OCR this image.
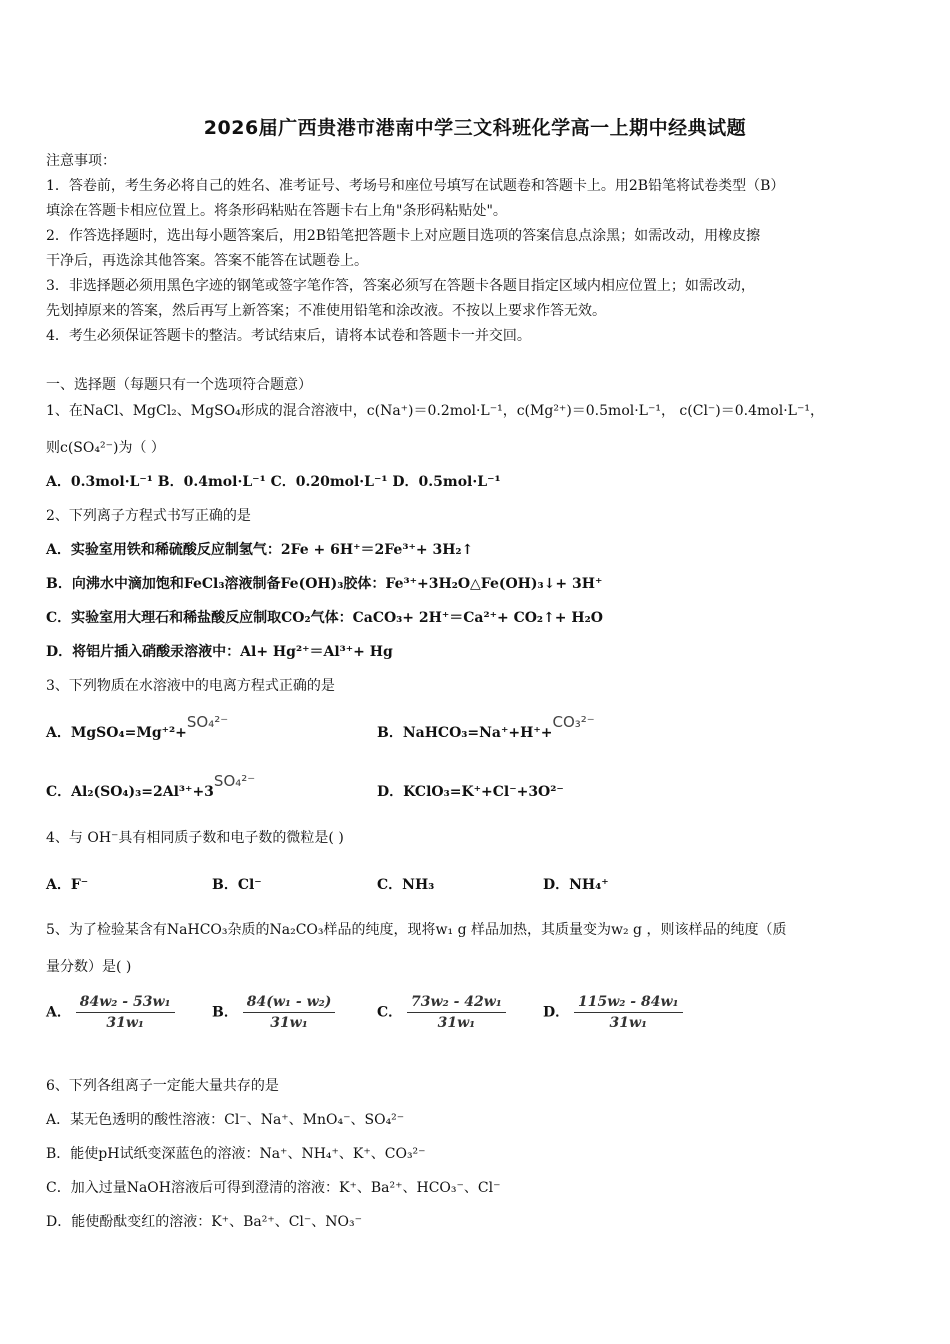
2026届广西贵港市港南中学三文科班化学高一上期中经典试题
注意事项：
1．答卷前，考生务必将自己的姓名、准考证号、考场号和座位号填写在试题卷和答题卡上。用2B铅笔将试卷类型（B）
填涂在答题卡相应位置上。将条形码粘贴在答题卡右上角"条形码粘贴处"。
2．作答选择题时，选出每小题答案后，用2B铅笔把答题卡上对应题目选项的答案信息点涂黑；如需改动，用橡皮擦
干净后，再选涂其他答案。答案不能答在试题卷上。
3．非选择题必须用黑色字迹的钢笔或签字笔作答，答案必须写在答题卡各题目指定区域内相应位置上；如需改动，
先划掉原来的答案，然后再写上新答案；不准使用铅笔和涂改液。不按以上要求作答无效。
4．考生必须保证答题卡的整洁。考试结束后，请将本试卷和答题卡一并交回。
一、选择题（每题只有一个选项符合题意）
1、在NaCl、MgCl₂、MgSO₄形成的混合溶液中，c(Na⁺)＝0.2mol·L⁻¹，c(Mg²⁺)＝0.5mol·L⁻¹， c(Cl⁻)＝0.4mol·L⁻¹，
则c(SO₄²⁻)为（ ）
A．0.3mol·L⁻¹ B．0.4mol·L⁻¹ C．0.20mol·L⁻¹ D．0.5mol·L⁻¹
2、下列离子方程式书写正确的是
A．实验室用铁和稀硫酸反应制氢气：2Fe + 6H⁺＝2Fe³⁺+ 3H₂↑
B．向沸水中滴加饱和FeCl₃溶液制备Fe(OH)₃胶体：Fe³⁺+3H₂O△Fe(OH)₃↓+ 3H⁺
C．实验室用大理石和稀盐酸反应制取CO₂气体：CaCO₃+ 2H⁺＝Ca²⁺+ CO₂↑+ H₂O
D．将铝片插入硝酸汞溶液中：Al+ Hg²⁺＝Al³⁺+ Hg
3、下列物质在水溶液中的电离方程式正确的是
A．MgSO₄=Mg⁺²+SO₄²⁻
B．NaHCO₃=Na⁺+H⁺+CO₃²⁻
C．Al₂(SO₄)₃=2Al³⁺+3SO₄²⁻
D．KClO₃=K⁺+Cl⁻+3O²⁻
4、与 OH⁻具有相同质子数和电子数的微粒是( )
A．F⁻	B．Cl⁻	C．NH₃	D．NH₄⁺
5、为了检验某含有NaHCO₃杂质的Na₂CO₃样品的纯度，现将w₁ g 样品加热，其质量变为w₂ g ，则该样品的纯度（质
量分数）是( )
A． $\frac{\text{84w₂ - 53w₁}}{\text{31w₁}}$	B． $\frac{\text{84(w₁ - w₂)}}{\text{31w₁}}$	C． $\frac{\text{73w₂ - 42w₁}}{\text{31w₁}}$	D． $\frac{\text{115w₂ - 84w₁}}{\text{31w₁}}$
6、下列各组离子一定能大量共存的是
A．某无色透明的酸性溶液：Cl⁻、Na⁺、MnO₄⁻、SO₄²⁻
B．能使pH试纸变深蓝色的溶液：Na⁺、NH₄⁺、K⁺、CO₃²⁻
C．加入过量NaOH溶液后可得到澄清的溶液：K⁺、Ba²⁺、HCO₃⁻、Cl⁻
D．能使酚酞变红的溶液：K⁺、Ba²⁺、Cl⁻、NO₃⁻
